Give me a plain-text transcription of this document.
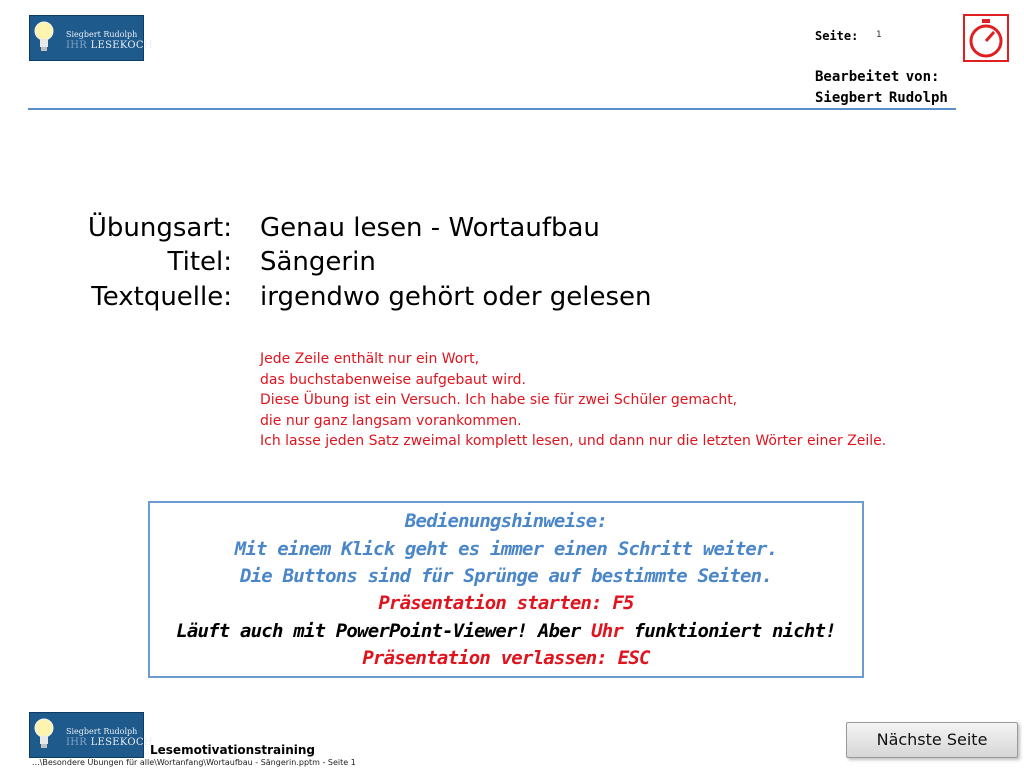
Siegbert Rudolph
IHR LESEKOCH
Seite: 1
Bearbeitet von:
Siegbert Rudolph
Übungsart: Genau lesen - Wortaufbau
Titel: Sängerin
Textquelle: irgendwo gehört oder gelesen
Jede Zeile enthält nur ein Wort,
das buchstabenweise aufgebaut wird.
Diese Übung ist ein Versuch. Ich habe sie für zwei Schüler gemacht,
die nur ganz langsam vorankommen.
Ich lasse jeden Satz zweimal komplett lesen, und dann nur die letzten Wörter einer Zeile.
Bedienungshinweise:
Mit einem Klick geht es immer einen Schritt weiter.
Die Buttons sind für Sprünge auf bestimmte Seiten.
Präsentation starten: F5
Läuft auch mit PowerPoint-Viewer! Aber Uhr funktioniert nicht!
Präsentation verlassen: ESC
Siegbert Rudolph
IHR LESEKOCH
Lesemotivationstraining
...\Besondere Übungen für alle\Wortanfang\Wortaufbau - Sängerin.pptm - Seite 1
Nächste Seite
